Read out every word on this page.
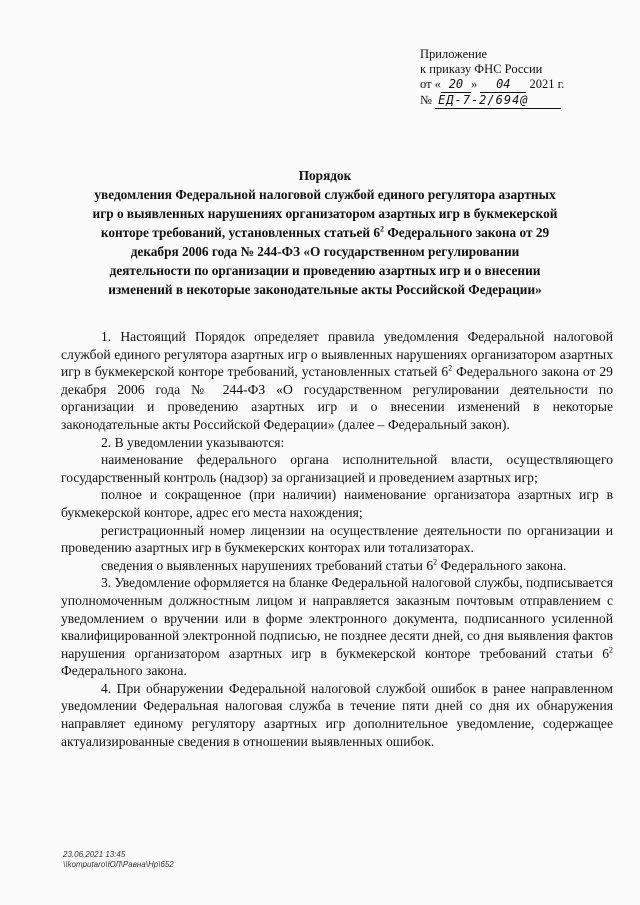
Приложение
к приказу ФНС России
от « 20 » 04 2021 г.
№ ЕД-7-2/694@
Порядок
уведомления Федеральной налоговой службой единого регулятора азартных игр о выявленных нарушениях организатором азартных игр в букмекерской конторе требований, установленных статьей $6^2$ Федерального закона от 29 декабря 2006 года № 244-ФЗ «О государственном регулировании деятельности по организации и проведению азартных игр и о внесении изменений в некоторые законодательные акты Российской Федерации»

1. Настоящий Порядок определяет правила уведомления Федеральной налоговой службой единого регулятора азартных игр о выявленных нарушениях организатором азартных игр в букмекерской конторе требований, установленных статьей $6^2$ Федерального закона от 29 декабря 2006 года № 244-ФЗ «О государственном регулировании деятельности по организации и проведению азартных игр и о внесении изменений в некоторые законодательные акты Российской Федерации» (далее – Федеральный закон).

2. В уведомлении указываются:

наименование федерального органа исполнительной власти, осуществляющего государственный контроль (надзор) за организацией и проведением азартных игр;

полное и сокращенное (при наличии) наименование организатора азартных игр в букмекерской конторе, адрес его места нахождения;

регистрационный номер лицензии на осуществление деятельности по организации и проведению азартных игр в букмекерских конторах или тотализаторах.

сведения о выявленных нарушениях требований статьи $6^2$ Федерального закона.

3. Уведомление оформляется на бланке Федеральной налоговой службы, подписывается уполномоченным должностным лицом и направляется заказным почтовым отправлением с уведомлением о вручении или в форме электронного документа, подписанного усиленной квалифицированной электронной подписью, не позднее десяти дней, со дня выявления фактов нарушения организатором азартных игр в букмекерской конторе требований статьи $6^2$ Федерального закона.

4. При обнаружении Федеральной налоговой службой ошибок в ранее направленном уведомлении Федеральная налоговая служба в течение пяти дней со дня их обнаружения направляет единому регулятору азартных игр дополнительное уведомление, содержащее актуализированные сведения в отношении выявленных ошибок.

23.06.2021 13:45
\\komputaro\ЮЛ\Равна\Нр\652
